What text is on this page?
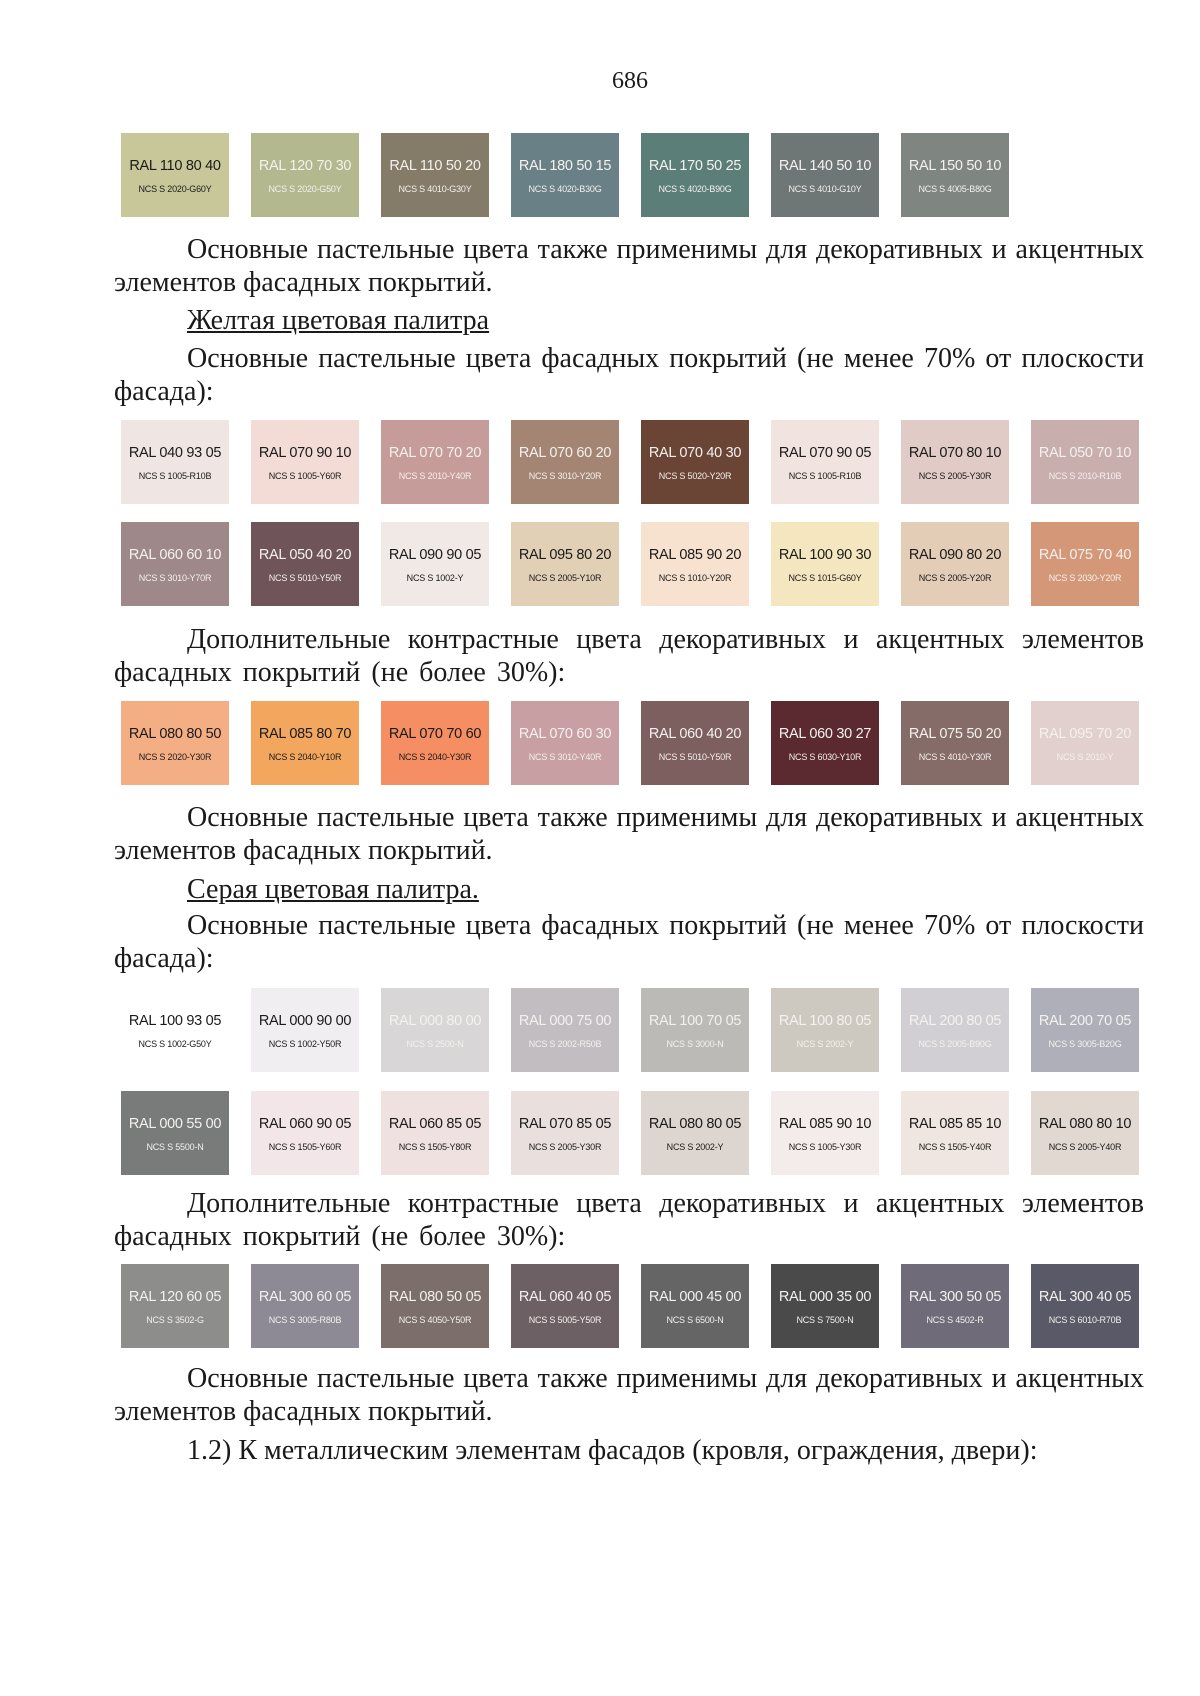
686
RAL 110 80 40
NCS S 2020-G60Y
RAL 120 70 30
NCS S 2020-G50Y
RAL 110 50 20
NCS S 4010-G30Y
RAL 180 50 15
NCS S 4020-B30G
RAL 170 50 25
NCS S 4020-B90G
RAL 140 50 10
NCS S 4010-G10Y
RAL 150 50 10
NCS S 4005-B80G
RAL 040 93 05
NCS S 1005-R10B
RAL 070 90 10
NCS S 1005-Y60R
RAL 070 70 20
NCS S 2010-Y40R
RAL 070 60 20
NCS S 3010-Y20R
RAL 070 40 30
NCS S 5020-Y20R
RAL 070 90 05
NCS S 1005-R10B
RAL 070 80 10
NCS S 2005-Y30R
RAL 050 70 10
NCS S 2010-R10B
RAL 060 60 10
NCS S 3010-Y70R
RAL 050 40 20
NCS S 5010-Y50R
RAL 090 90 05
NCS S 1002-Y
RAL 095 80 20
NCS S 2005-Y10R
RAL 085 90 20
NCS S 1010-Y20R
RAL 100 90 30
NCS S 1015-G60Y
RAL 090 80 20
NCS S 2005-Y20R
RAL 075 70 40
NCS S 2030-Y20R
RAL 080 80 50
NCS S 2020-Y30R
RAL 085 80 70
NCS S 2040-Y10R
RAL 070 70 60
NCS S 2040-Y30R
RAL 070 60 30
NCS S 3010-Y40R
RAL 060 40 20
NCS S 5010-Y50R
RAL 060 30 27
NCS S 6030-Y10R
RAL 075 50 20
NCS S 4010-Y30R
RAL 095 70 20
NCS S 2010-Y
RAL 100 93 05
NCS S 1002-G50Y
RAL 000 90 00
NCS S 1002-Y50R
RAL 000 80 00
NCS S 2500-N
RAL 000 75 00
NCS S 2002-R50B
RAL 100 70 05
NCS S 3000-N
RAL 100 80 05
NCS S 2002-Y
RAL 200 80 05
NCS S 2005-B90G
RAL 200 70 05
NCS S 3005-B20G
RAL 000 55 00
NCS S 5500-N
RAL 060 90 05
NCS S 1505-Y60R
RAL 060 85 05
NCS S 1505-Y80R
RAL 070 85 05
NCS S 2005-Y30R
RAL 080 80 05
NCS S 2002-Y
RAL 085 90 10
NCS S 1005-Y30R
RAL 085 85 10
NCS S 1505-Y40R
RAL 080 80 10
NCS S 2005-Y40R
RAL 120 60 05
NCS S 3502-G
RAL 300 60 05
NCS S 3005-R80B
RAL 080 50 05
NCS S 4050-Y50R
RAL 060 40 05
NCS S 5005-Y50R
RAL 000 45 00
NCS S 6500-N
RAL 000 35 00
NCS S 7500-N
RAL 300 50 05
NCS S 4502-R
RAL 300 40 05
NCS S 6010-R70B
Основные пастельные цвета также применимы для декоративных и акцентных элементов фасадных покрытий.
Основные пастельные цвета фасадных покрытий (не менее 70% от плоскости фасада):
Дополнительные контрастные цвета декоративных и акцентных элементов фасадных покрытий (не более 30%):
Основные пастельные цвета также применимы для декоративных и акцентных элементов фасадных покрытий.
Основные пастельные цвета фасадных покрытий (не менее 70% от плоскости фасада):
Дополнительные контрастные цвета декоративных и акцентных элементов фасадных покрытий (не более 30%):
Основные пастельные цвета также применимы для декоративных и акцентных элементов фасадных покрытий.
1.2) К металлическим элементам фасадов (кровля, ограждения, двери):
Желтая цветовая палитра
Серая цветовая палитра.
